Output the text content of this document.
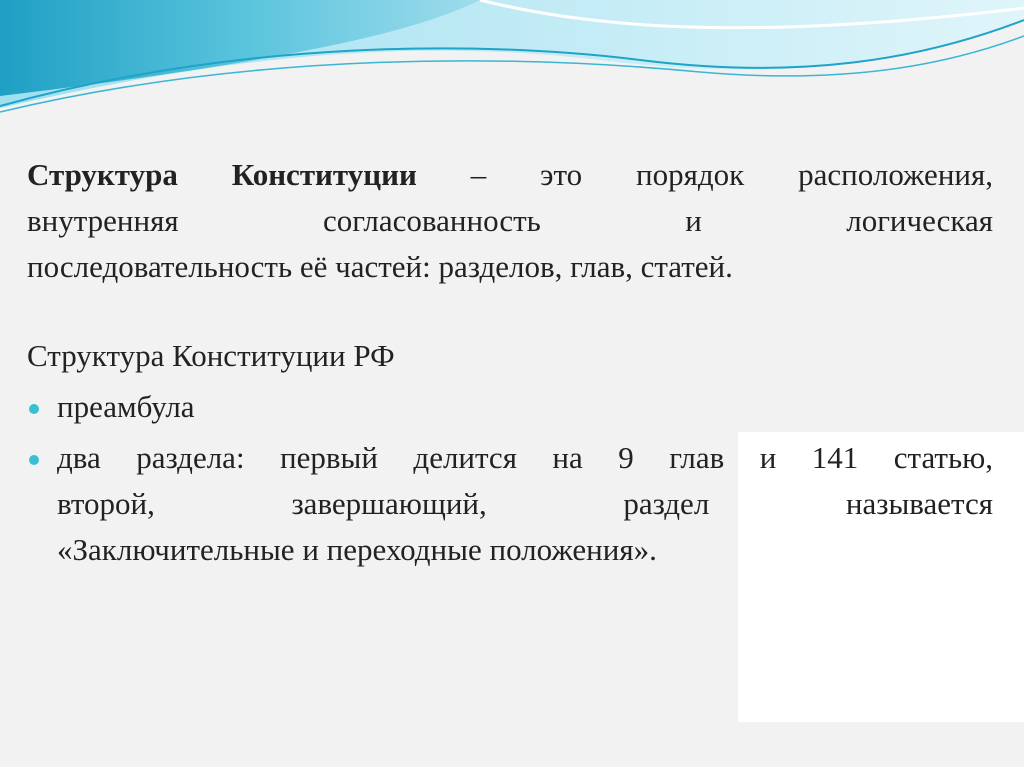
Структура Конституции – это порядок расположения,
внутренняя согласованность и логическая
последовательность её частей: разделов, глав, статей.
Структура Конституции РФ
преамбула
два раздела: первый делится на 9 глав и 141 статью,
второй, завершающий, раздел называется
«Заключительные и переходные положения».
